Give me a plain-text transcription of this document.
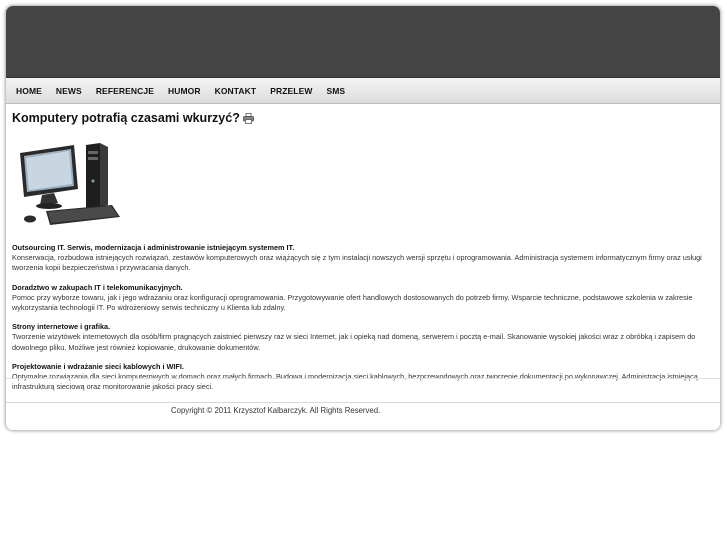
HOME NEWS REFERENCJE HUMOR KONTAKT PRZELEW SMS
Komputery potrafią czasami wkurzyć?
Outsourcing IT. Serwis, modernizacja i administrowanie istniejącym systemem IT.

Konserwacja, rozbudowa istniejących rozwiązań, zestawów komputerowych oraz wiążących się z tym instalacji nowszych wersji sprzętu i oprogramowania. Administracja systemem informatycznym firmy oraz usługi tworzenia kopii bezpieczeństwa i przywracania danych.

Doradztwo w zakupach IT i telekomunikacyjnych.

Pomoc przy wyborze towaru, jak i jego wdrażaniu oraz konfiguracji oprogramowania. Przygotowywanie ofert handlowych dostosowanych do potrzeb firmy. Wsparcie techniczne, podstawowe szkolenia w zakresie wykorzystania technologii IT. Po wdrożeniowy serwis techniczny u Klienta lub zdalny.

Strony internetowe i grafika.

Tworzenie wizytówek internetowych dla osób/firm pragnących zaistnieć pierwszy raz w sieci Internet, jak i opieką nad domeną, serwerem i pocztą e-mail. Skanowanie wysokiej jakości wraz z obróbką i zapisem do dowolnego pliku. Możliwe jest również kopiowanie, drukowanie dokumentów.

Projektowanie i wdrażanie sieci kablowych i WIFI.

Optymalne rozwiązania dla sieci komputerowych w domach oraz małych firmach. Budowa i modernizacja sieci kablowych, bezprzewodowych oraz tworzenie dokumentacji po wykonawczej. Administracja istniejącą infrastrukturą sieciową oraz monitorowanie jakości pracy sieci.

Copyright © 2011 Krzysztof Kalbarczyk. All Rights Reserved.
